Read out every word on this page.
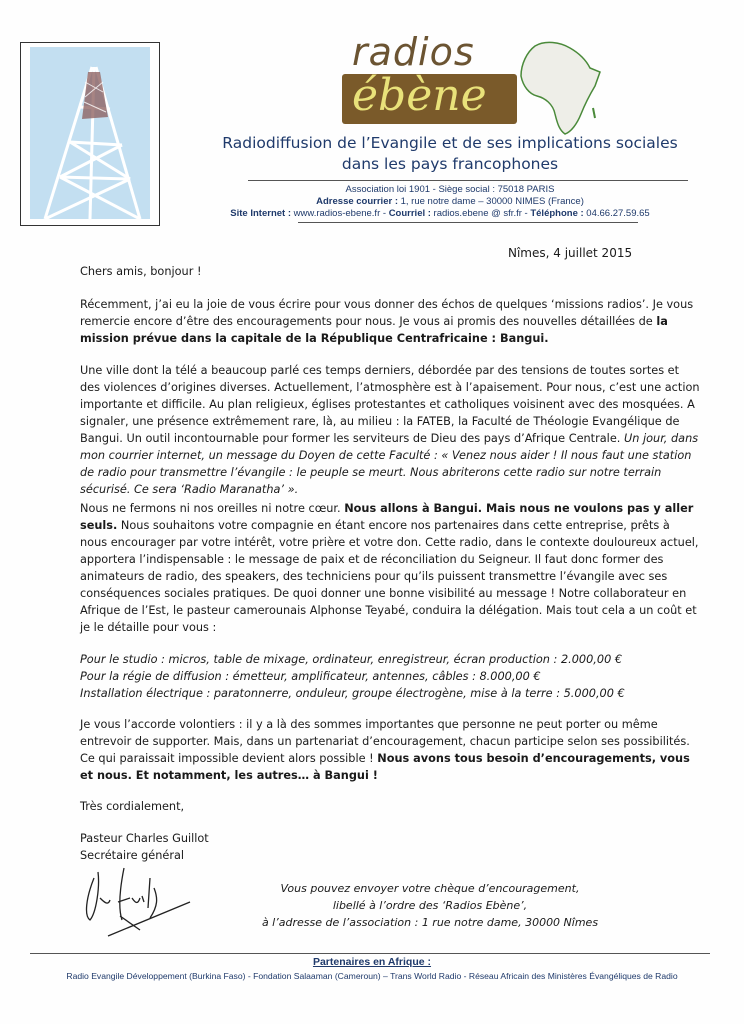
radios
ébène
Radiodiffusion de l’Evangile et de ses implications sociales
dans les pays francophones
Association loi 1901 - Siège social : 75018 PARIS
Adresse courrier : 1, rue notre dame – 30000 NIMES (France)
Site Internet : www.radios-ebene.fr - Courriel : radios.ebene @ sfr.fr - Téléphone : 04.66.27.59.65
Nîmes, 4 juillet 2015
Chers amis, bonjour !
Récemment, j’ai eu la joie de vous écrire pour vous donner des échos de quelques ‘missions radios’. Je vous remercie encore d’être des encouragements pour nous. Je vous ai promis des nouvelles détaillées de la mission prévue dans la capitale de la République Centrafricaine : Bangui.
Une ville dont la télé a beaucoup parlé ces temps derniers, débordée par des tensions de toutes sortes et des violences d’origines diverses. Actuellement, l’atmosphère est à l’apaisement. Pour nous, c’est une action importante et difficile. Au plan religieux, églises protestantes et catholiques voisinent avec des mosquées. A signaler, une présence extrêmement rare, là, au milieu : la FATEB, la Faculté de Théologie Evangélique de Bangui. Un outil incontournable pour former les serviteurs de Dieu des pays d’Afrique Centrale. Un jour, dans mon courrier internet, un message du Doyen de cette Faculté : « Venez nous aider ! Il nous faut une station de radio pour transmettre l’évangile : le peuple se meurt. Nous abriterons cette radio sur notre terrain sécurisé. Ce sera ‘Radio Maranatha’ ».
Nous ne fermons ni nos oreilles ni notre cœur. Nous allons à Bangui. Mais nous ne voulons pas y aller seuls. Nous souhaitons votre compagnie en étant encore nos partenaires dans cette entreprise, prêts à nous encourager par votre intérêt, votre prière et votre don. Cette radio, dans le contexte douloureux actuel, apportera l’indispensable : le message de paix et de réconciliation du Seigneur. Il faut donc former des animateurs de radio, des speakers, des techniciens pour qu’ils puissent transmettre l’évangile avec ses conséquences sociales pratiques. De quoi donner une bonne visibilité au message ! Notre collaborateur en Afrique de l’Est, le pasteur camerounais Alphonse Teyabé, conduira la délégation. Mais tout cela a un coût et je le détaille pour vous :
Pour le studio : micros, table de mixage, ordinateur, enregistreur, écran production : 2.000,00 €
Pour la régie de diffusion : émetteur, amplificateur, antennes, câbles : 8.000,00 €
Installation électrique : paratonnerre, onduleur, groupe électrogène, mise à la terre : 5.000,00 €
Je vous l’accorde volontiers : il y a là des sommes importantes que personne ne peut porter ou même entrevoir de supporter. Mais, dans un partenariat d’encouragement, chacun participe selon ses possibilités. Ce qui paraissait impossible devient alors possible ! Nous avons tous besoin d’encouragements, vous et nous. Et notamment, les autres… à Bangui !
Très cordialement,
Pasteur Charles Guillot
Secrétaire général
Vous pouvez envoyer votre chèque d’encouragement,
libellé à l’ordre des ‘Radios Ebène’,
à l’adresse de l’association : 1 rue notre dame, 30000 Nîmes
Partenaires en Afrique :
Radio Evangile Développement (Burkina Faso) - Fondation Salaaman (Cameroun) – Trans World Radio - Réseau Africain des Ministères Évangéliques de Radio
